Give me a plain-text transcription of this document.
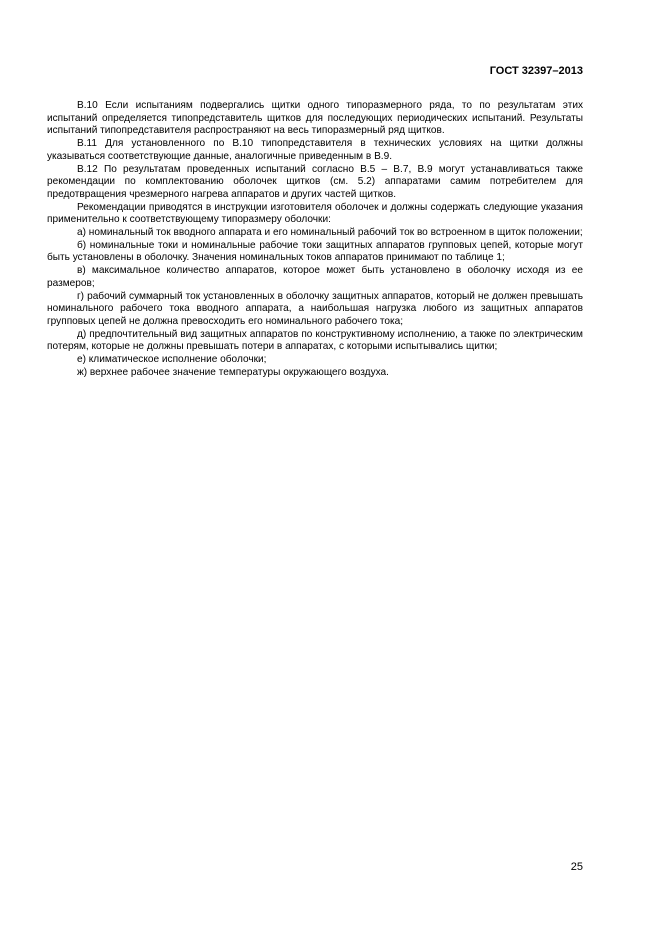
ГОСТ 32397–2013

В.10 Если испытаниям подвергались щитки одного типоразмерного ряда, то по результатам этих испытаний определяется типопредставитель щитков для последующих периодических испытаний. Результаты испытаний типопредставителя распространяют на весь типоразмерный ряд щитков.

В.11 Для установленного по В.10 типопредставителя в технических условиях на щитки должны указываться соответствующие данные, аналогичные приведенным в В.9.

В.12 По результатам проведенных испытаний согласно В.5 – В.7, В.9 могут устанавливаться также рекомендации по комплектованию оболочек щитков (см. 5.2) аппаратами самим потребителем для предотвращения чрезмерного нагрева аппаратов и других частей щитков.

Рекомендации приводятся в инструкции изготовителя оболочек и должны содержать следующие указания применительно к соответствующему типоразмеру оболочки:

а) номинальный ток вводного аппарата и его номинальный рабочий ток во встроенном в щиток положении;

б) номинальные токи и номинальные рабочие токи защитных аппаратов групповых цепей, которые могут быть установлены в оболочку. Значения номинальных токов аппаратов принимают по таблице 1;

в) максимальное количество аппаратов, которое может быть установлено в оболочку исходя из ее размеров;

г) рабочий суммарный ток установленных в оболочку защитных аппаратов, который не должен превышать номинального рабочего тока вводного аппарата, а наибольшая нагрузка любого из защитных аппаратов групповых цепей не должна превосходить его номинального рабочего тока;

д) предпочтительный вид защитных аппаратов по конструктивному исполнению, а также по электрическим потерям, которые не должны превышать потери в аппаратах, с которыми испытывались щитки;

е) климатическое исполнение оболочки;

ж) верхнее рабочее значение температуры окружающего воздуха.

25
